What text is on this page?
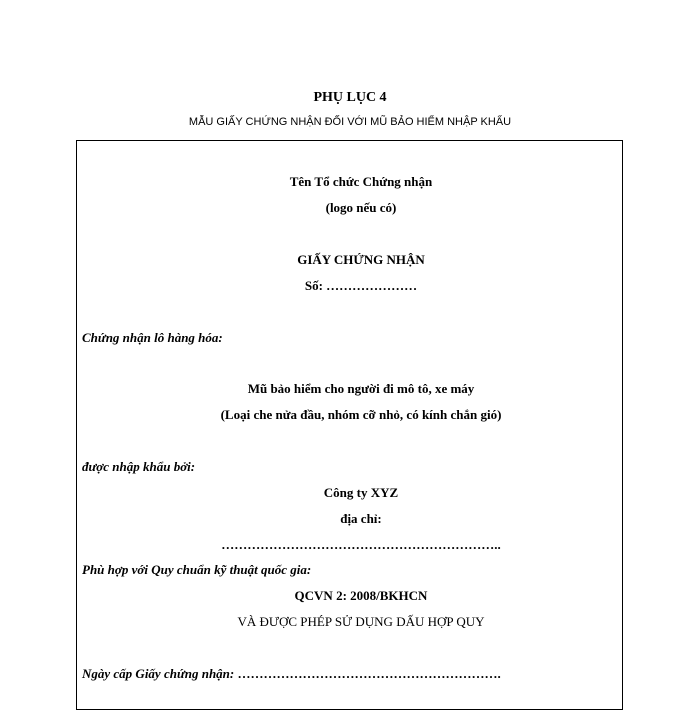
PHỤ LỤC 4
MẪU GIẤY CHỨNG NHẬN ĐỐI VỚI MŨ BẢO HIỂM NHẬP KHẨU
Tên Tổ chức Chứng nhận
(logo nếu có)
GIẤY CHỨNG NHẬN
Số: …………………
Chứng nhận lô hàng hóa:
Mũ bảo hiểm cho người đi mô tô, xe máy
(Loại che nửa đầu, nhóm cỡ nhỏ, có kính chắn gió)
được nhập khẩu bởi:
Công ty XYZ
địa chỉ:
………………………………………………………..
Phù hợp với Quy chuẩn kỹ thuật quốc gia:
QCVN 2: 2008/BKHCN
VÀ ĐƯỢC PHÉP SỬ DỤNG DẤU HỢP QUY
Ngày cấp Giấy chứng nhận: …………………………………………………….
